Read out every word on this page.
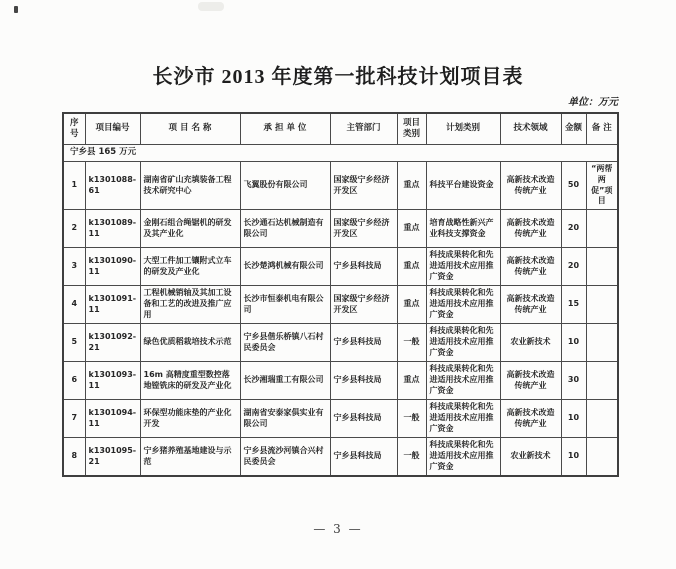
长沙市 2013 年度第一批科技计划项目表
单位：万元
序号	项目编号	项 目 名 称	承 担 单 位	主管部门	项目类别	计划类别	技术领域	金额	备 注
宁乡县 165 万元									
1	k1301088-61	湖南省矿山充填装备工程技术研究中心	飞翼股份有限公司	国家级宁乡经济开发区	重点	科技平台建设资金	高新技术改造传统产业	50	“两帮两促”项目
2	k1301089-11	金刚石组合绳锯机的研发及其产业化	长沙通石达机械制造有限公司	国家级宁乡经济开发区	重点	培育战略性新兴产业科技支撑资金	高新技术改造传统产业	20	
3	k1301090-11	大型工件加工镶附式立车的研发及产业化	长沙楚鸿机械有限公司	宁乡县科技局	重点	科技成果转化和先进适用技术应用推广资金	高新技术改造传统产业	20	
4	k1301091-11	工程机械销轴及其加工设备和工艺的改进及推广应用	长沙市恒泰机电有限公司	国家级宁乡经济开发区	重点	科技成果转化和先进适用技术应用推广资金	高新技术改造传统产业	15	
5	k1301092-21	绿色优质稻栽培技术示范	宁乡县偕乐桥镇八石村民委员会	宁乡县科技局	一般	科技成果转化和先进适用技术应用推广资金	农业新技术	10	
6	k1301093-11	16m 高精度重型数控落地镗铣床的研发及产业化	长沙湘瑞重工有限公司	宁乡县科技局	重点	科技成果转化和先进适用技术应用推广资金	高新技术改造传统产业	30	
7	k1301094-11	环保型功能床垫的产业化开发	湖南省安泰家俱实业有限公司	宁乡县科技局	一般	科技成果转化和先进适用技术应用推广资金	高新技术改造传统产业	10	
8	k1301095-21	宁乡猪养殖基地建设与示范	宁乡县流沙河镇合兴村民委员会	宁乡县科技局	一般	科技成果转化和先进适用技术应用推广资金	农业新技术	10	
— 3 —
